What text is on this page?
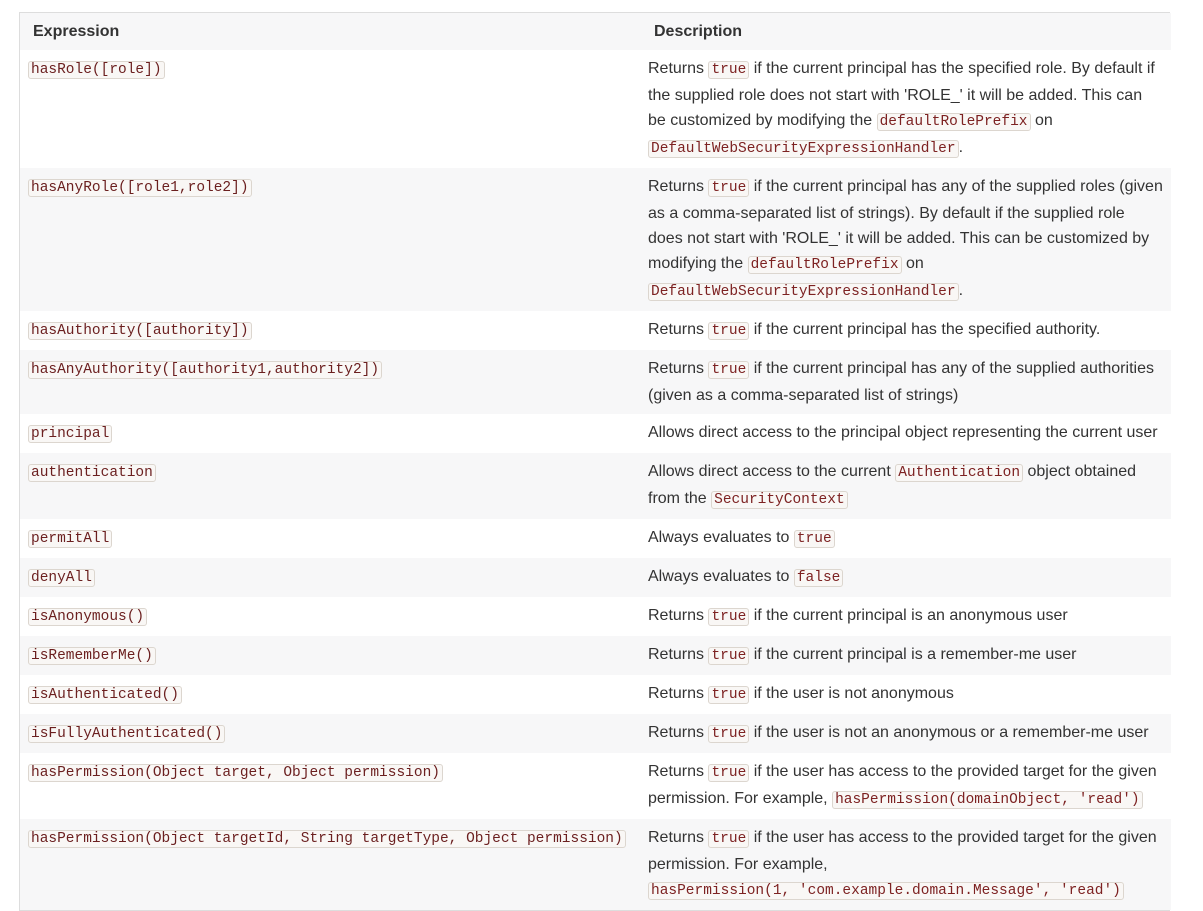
Expression	Description
hasRole([role])	Returns true if the current principal has the specified role. By default if the supplied role does not start with 'ROLE_' it will be added. This can be customized by modifying the defaultRolePrefix on DefaultWebSecurityExpressionHandler .
hasAnyRole([role1,role2])	Returns true if the current principal has any of the supplied roles (given as a comma-separated list of strings). By default if the supplied role does not start with 'ROLE_' it will be added. This can be customized by modifying the defaultRolePrefix on DefaultWebSecurityExpressionHandler .
hasAuthority([authority])	Returns true if the current principal has the specified authority.
hasAnyAuthority([authority1,authority2])	Returns true if the current principal has any of the supplied authorities (given as a comma-separated list of strings)
principal	Allows direct access to the principal object representing the current user
authentication	Allows direct access to the current Authentication object obtained from the SecurityContext
permitAll	Always evaluates to true
denyAll	Always evaluates to false
isAnonymous()	Returns true if the current principal is an anonymous user
isRememberMe()	Returns true if the current principal is a remember-me user
isAuthenticated()	Returns true if the user is not anonymous
isFullyAuthenticated()	Returns true if the user is not an anonymous or a remember-me user
hasPermission(Object target, Object permission)	Returns true if the user has access to the provided target for the given permission. For example, hasPermission(domainObject, 'read')
hasPermission(Object targetId, String targetType, Object permission)	Returns true if the user has access to the provided target for the given permission. For example, hasPermission(1, 'com.example.domain.Message', 'read')
